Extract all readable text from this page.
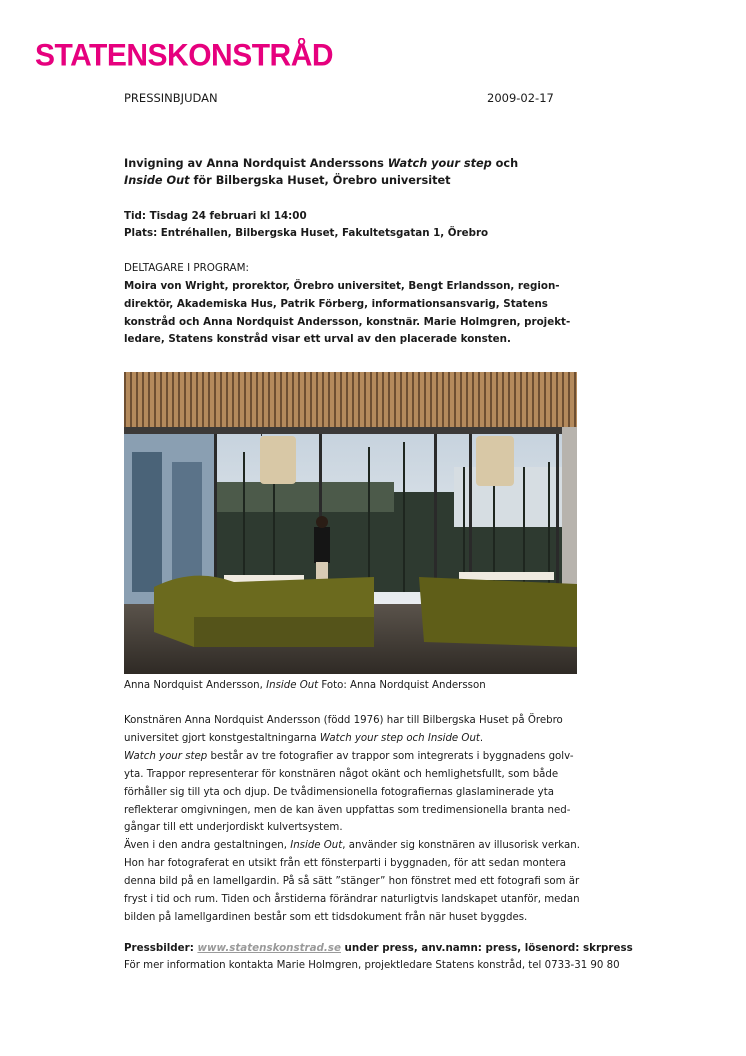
STATENSKONSTRÅD
PRESSINBJUDAN	2009-02-17
Invigning av Anna Nordquist Anderssons Watch your step och
Inside Out för Bilbergska Huset, Örebro universitet
Tid: Tisdag 24 februari kl 14:00
Plats: Entréhallen, Bilbergska Huset, Fakultetsgatan 1, Örebro
DELTAGARE I PROGRAM:
Moira von Wright, prorektor, Örebro universitet, Bengt Erlandsson, region-
direktör, Akademiska Hus, Patrik Förberg, informationsansvarig, Statens
konstråd och Anna Nordquist Andersson, konstnär. Marie Holmgren, projekt-
ledare, Statens konstråd visar ett urval av den placerade konsten.
Anna Nordquist Andersson, Inside Out Foto: Anna Nordquist Andersson
Konstnären Anna Nordquist Andersson (född 1976) har till Bilbergska Huset på Örebro
universitet gjort konstgestaltningarna Watch your step och Inside Out.
Watch your step består av tre fotografier av trappor som integrerats i byggnadens golv-
yta. Trappor representerar för konstnären något okänt och hemlighetsfullt, som både
förhåller sig till yta och djup. De tvådimensionella fotografiernas glaslaminerade yta
reflekterar omgivningen, men de kan även uppfattas som tredimensionella branta ned-
gångar till ett underjordiskt kulvertsystem.
Även i den andra gestaltningen, Inside Out, använder sig konstnären av illusorisk verkan.
Hon har fotograferat en utsikt från ett fönsterparti i byggnaden, för att sedan montera
denna bild på en lamellgardin. På så sätt ”stänger” hon fönstret med ett fotografi som är
fryst i tid och rum. Tiden och årstiderna förändrar naturligtvis landskapet utanför, medan
bilden på lamellgardinen består som ett tidsdokument från när huset byggdes.
Pressbilder: www.statenskonstrad.se under press, anv.namn: press, lösenord: skrpress
För mer information kontakta Marie Holmgren, projektledare Statens konstråd, tel 0733-31 90 80
